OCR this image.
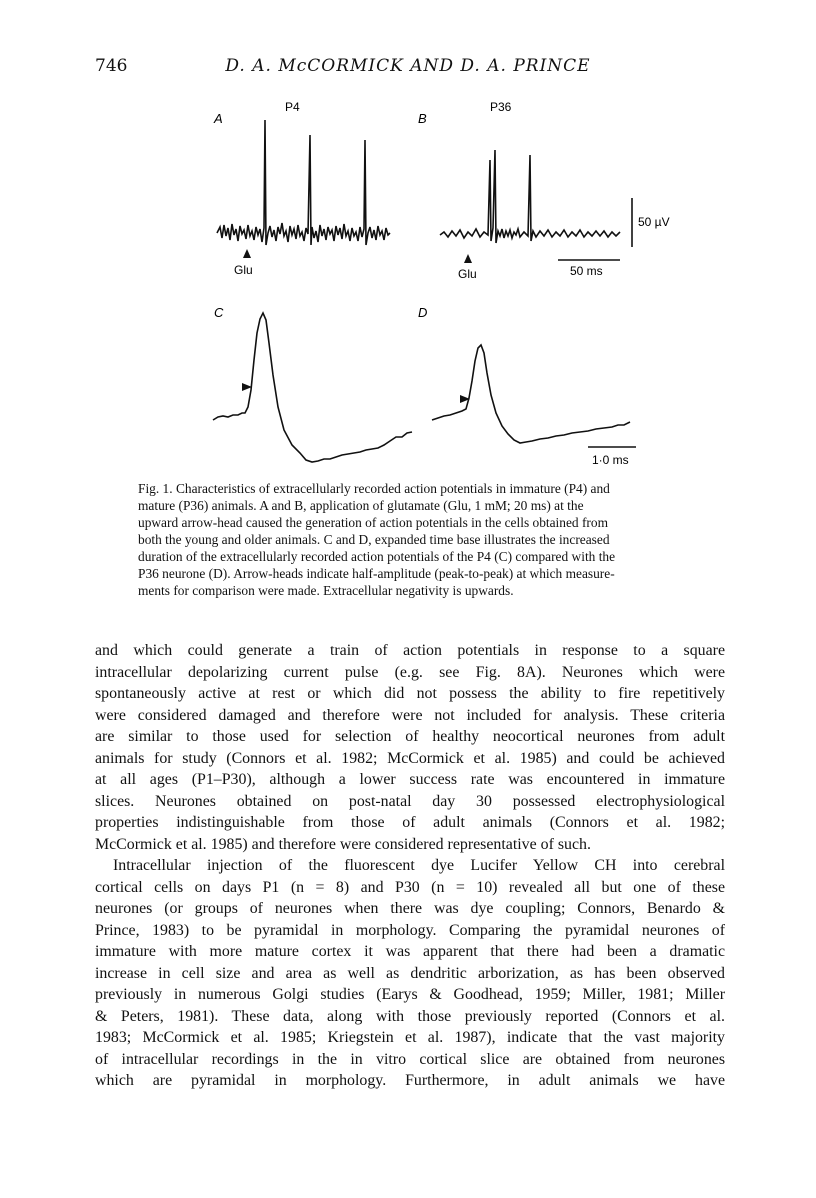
746	D. A. McCORMICK AND D. A. PRINCE
A
P4
B
P36
Glu	Glu
50 µV
50 ms
C	D
1·0 ms
Fig. 1. Characteristics of extracellularly recorded action potentials in immature (P4) and
mature (P36) animals. A and B, application of glutamate (Glu, 1 mM; 20 ms) at the
upward arrow-head caused the generation of action potentials in the cells obtained from
both the young and older animals. C and D, expanded time base illustrates the increased
duration of the extracellularly recorded action potentials of the P4 (C) compared with the
P36 neurone (D). Arrow-heads indicate half-amplitude (peak-to-peak) at which measure-
ments for comparison were made. Extracellular negativity is upwards.
and which could generate a train of action potentials in response to a square
intracellular depolarizing current pulse (e.g. see Fig. 8A). Neurones which were
spontaneously active at rest or which did not possess the ability to fire repetitively
were considered damaged and therefore were not included for analysis. These criteria
are similar to those used for selection of healthy neocortical neurones from adult
animals for study (Connors et al. 1982; McCormick et al. 1985) and could be achieved
at all ages (P1–P30), although a lower success rate was encountered in immature
slices. Neurones obtained on post-natal day 30 possessed electrophysiological
properties indistinguishable from those of adult animals (Connors et al. 1982;
McCormick et al. 1985) and therefore were considered representative of such.
Intracellular injection of the fluorescent dye Lucifer Yellow CH into cerebral
cortical cells on days P1 (n = 8) and P30 (n = 10) revealed all but one of these
neurones (or groups of neurones when there was dye coupling; Connors, Benardo &
Prince, 1983) to be pyramidal in morphology. Comparing the pyramidal neurones of
immature with more mature cortex it was apparent that there had been a dramatic
increase in cell size and area as well as dendritic arborization, as has been observed
previously in numerous Golgi studies (Earys & Goodhead, 1959; Miller, 1981; Miller
& Peters, 1981). These data, along with those previously reported (Connors et al.
1983; McCormick et al. 1985; Kriegstein et al. 1987), indicate that the vast majority
of intracellular recordings in the in vitro cortical slice are obtained from neurones
which are pyramidal in morphology. Furthermore, in adult animals we have
